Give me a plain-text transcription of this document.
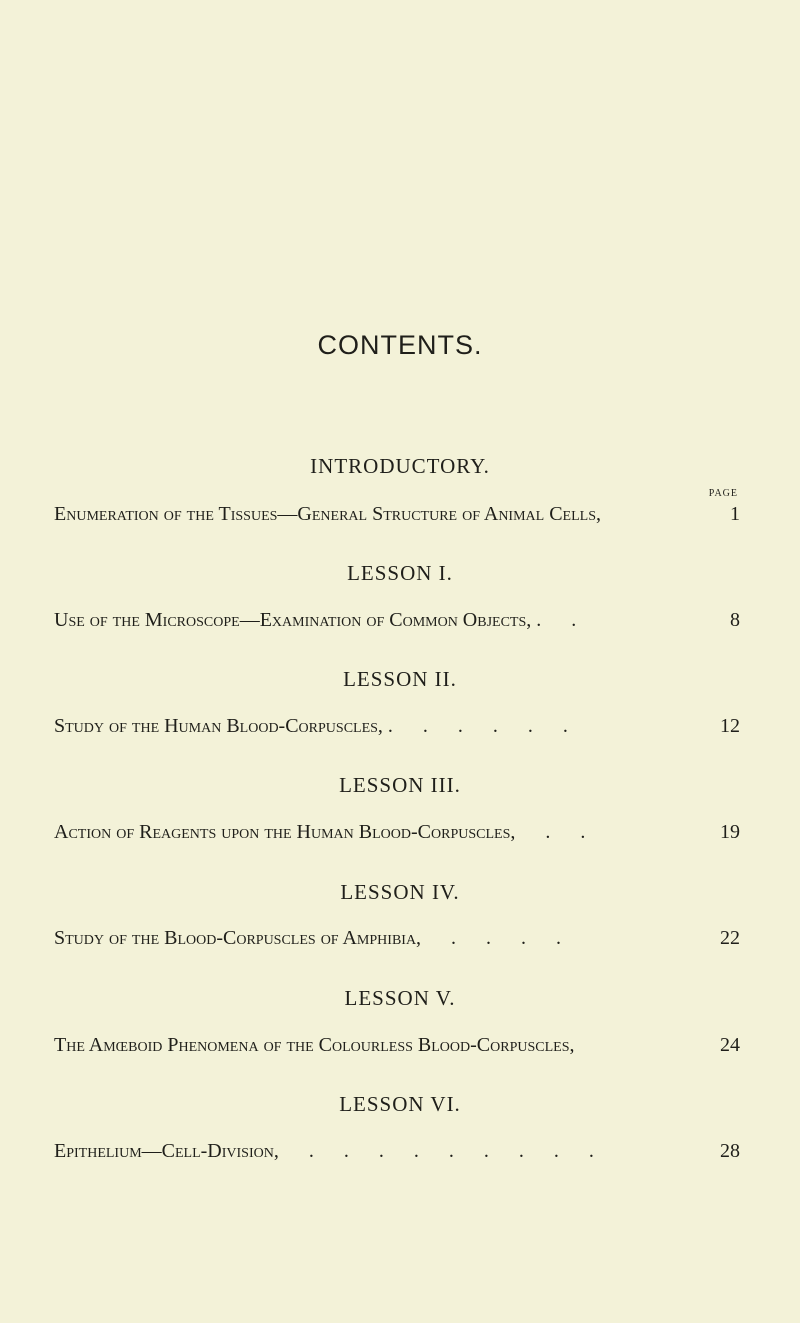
CONTENTS.
INTRODUCTORY.
PAGE
Enumeration of the Tissues—General Structure of Animal Cells,	1
LESSON I.
Use of the Microscope—Examination of Common Objects, .      .	8
LESSON II.
Study of the Human Blood-Corpuscles, .      .      .      .      .      .	12
LESSON III.
Action of Reagents upon the Human Blood-Corpuscles,      .      .	19
LESSON IV.
Study of the Blood-Corpuscles of Amphibia,      .      .      .      .	22
LESSON V.
The Amœboid Phenomena of the Colourless Blood-Corpuscles,	24
LESSON VI.
Epithelium—Cell-Division,      .      .      .      .      .      .      .      .      .	28
